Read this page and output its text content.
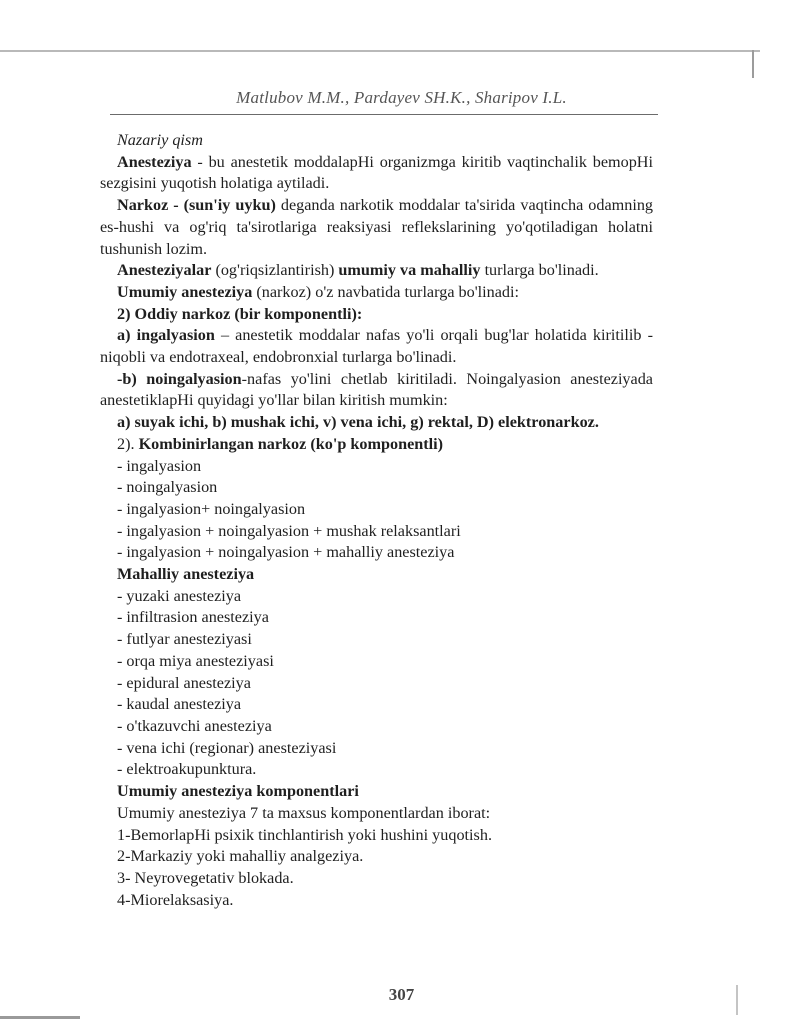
Matlubov M.M., Pardayev SH.K., Sharipov I.L.

Nazariy qism

Anesteziya - bu anestetik moddalapHi organizmga kiritib vaqtinchalik bemopHi sezgisini yuqotish holatiga aytiladi.

Narkoz - (sun'iy uyku) deganda narkotik moddalar ta'sirida vaqtincha odamning es-hushi va og'riq ta'sirotlariga reaksiyasi reflekslarining yo'qotiladigan holatni tushunish lozim.

Anesteziyalar (og'riqsizlantirish) umumiy va mahalliy turlarga bo'linadi.

Umumiy anesteziya (narkoz) o'z navbatida turlarga bo'linadi:

2) Oddiy narkoz (bir komponentli):

a) ingalyasion – anestetik moddalar nafas yo'li orqali bug'lar holatida kiritilib - niqobli va endotraxeal, endobronxial turlarga bo'linadi.

-b) noingalyasion-nafas yo'lini chetlab kiritiladi. Noingalyasion anesteziyada anestetiklapHi quyidagi yo'llar bilan kiritish mumkin:

a) suyak ichi, b) mushak ichi, v) vena ichi, g) rektal, D) elektronarkoz.

2). Kombinirlangan narkoz (ko'p komponentli)

- ingalyasion

- noingalyasion

- ingalyasion+ noingalyasion

- ingalyasion + noingalyasion + mushak relaksantlari

- ingalyasion + noingalyasion + mahalliy anesteziya

Mahalliy anesteziya

- yuzaki anesteziya

- infiltrasion anesteziya

- futlyar anesteziyasi

- orqa miya anesteziyasi

- epidural anesteziya

- kaudal anesteziya

- o'tkazuvchi anesteziya

- vena ichi (regionar) anesteziyasi

- elektroakupunktura.

Umumiy anesteziya komponentlari

Umumiy anesteziya 7 ta maxsus komponentlardan iborat:

1-BemorlapHi psixik tinchlantirish yoki hushini yuqotish.

2-Markaziy yoki mahalliy analgeziya.

3- Neyrovegetativ blokada.

4-Miorelaksasiya.

307
